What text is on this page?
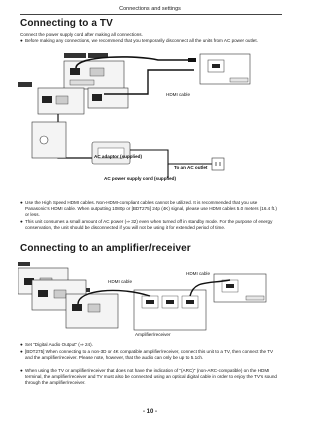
Connections and settings
Connecting to a TV
Connect the power supply cord after making all connections.
● Before making any connections, we recommend that you temporarily disconnect all the units from AC power outlet.
HDMI cable
AC adaptor (supplied)
To an AC outlet
AC power supply cord (supplied)
● Use the High Speed HDMI cables. Non-HDMI-compliant cables cannot be utilized. It is recommended that you use Panasonic's HDMI cable. When outputting 1080p or [BDT275] 24p (4K) signal, please use HDMI cables 5.0 meters (16.4 ft.) or less.
● This unit consumes a small amount of AC power (⇒ 32) even when turned off in standby mode. For the purpose of energy conservation, the unit should be disconnected if you will not be using it for extended period of time.
Connecting to an amplifier/receiver
HDMI cable
HDMI cable
Amplifier/receiver
● Set "Digital Audio Output" (⇒ 24).
● [BDT275] When connecting to a non-3D or 4K compatible amplifier/receiver, connect this unit to a TV, then connect the TV and the amplifier/receiver. Please note, however, that the audio can only be up to 5.1ch.
● When using the TV or amplifier/receiver that does not have the indication of "(ARC)" (non-ARC-compatible) on the HDMI terminal, the amplifier/receiver and TV must also be connected using an optical digital cable in order to enjoy the TV's sound through the amplifier/receiver.
- 10 -
